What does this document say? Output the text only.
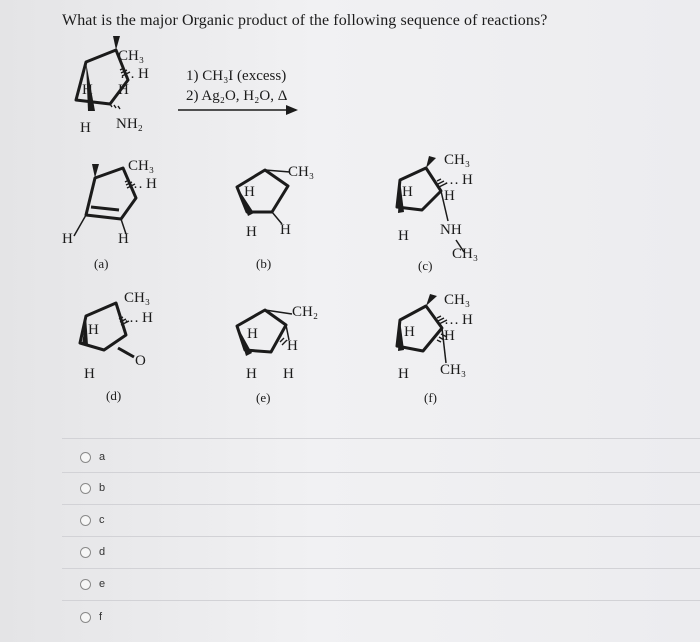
What is the major Organic product of the following sequence of reactions?
1) CH₃I (excess)
2) Ag₂O, H₂O, Δ
CH₃
… H
H
H
H NH₂
CH₃
… H
H	H
H
CH₃
H H
H
CH₃
… H
H
H NH
CH₃
CH₃
… H
H
H
O
H
CH₂
H
H H
H
CH₃
… H
H
H CH₃
(a)	(b)	(c)
(d)	(e)	(f)
a
b
c
d
e
f
